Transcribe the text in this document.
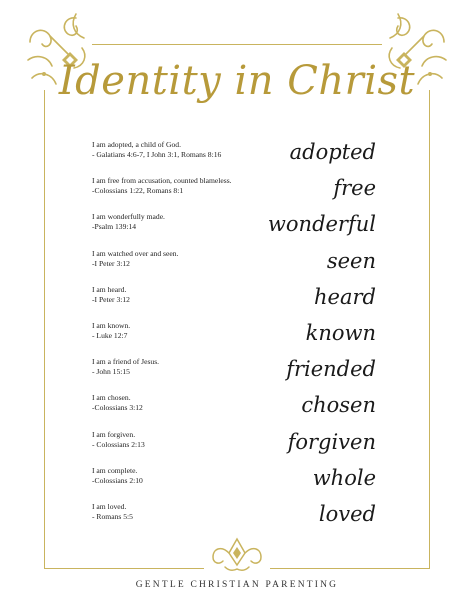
Identity in Christ
I am adopted, a child of God.
- Galatians 4:6-7, I John 3:1, Romans 8:16	adopted
I am free from accusation, counted blameless.
-Colossians 1:22, Romans 8:1	free
I am wonderfully made.
-Psalm 139:14	wonderful
I am watched over and seen.
-I Peter 3:12	seen
I am heard.
-I Peter 3:12	heard
I am known.
- Luke 12:7	known
I am a friend of Jesus.
- John 15:15	friended
I am chosen.
-Colossians 3:12	chosen
I am forgiven.
- Colossians 2:13	forgiven
I am complete.
-Colossians 2:10	whole
I am loved.
- Romans 5:5	loved
GENTLE CHRISTIAN PARENTING
